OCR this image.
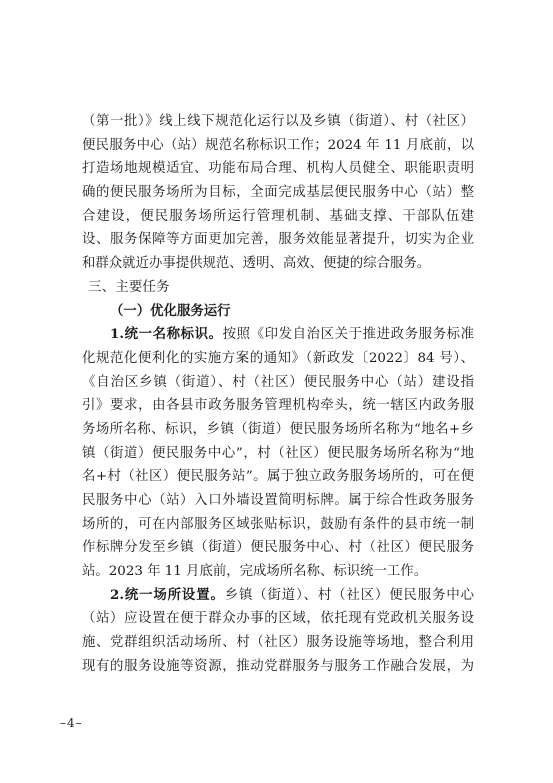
（第一批）》线上线下规范化运行以及乡镇（街道）、村（社区）
便民服务中心（站）规范名称标识工作；2024 年 11 月底前，以
打造场地规模适宜、功能布局合理、机构人员健全、职能职责明
确的便民服务场所为目标，全面完成基层便民服务中心（站）整
合建设，便民服务场所运行管理机制、基础支撑、干部队伍建
设、服务保障等方面更加完善，服务效能显著提升，切实为企业
和群众就近办事提供规范、透明、高效、便捷的综合服务。
三、主要任务
（一）优化服务运行
1.统一名称标识。按照《印发自治区关于推进政务服务标准
化规范化便利化的实施方案的通知》（新政发〔2022〕84 号）、
《自治区乡镇（街道）、村（社区）便民服务中心（站）建设指
引》要求，由各县市政务服务管理机构牵头，统一辖区内政务服
务场所名称、标识，乡镇（街道）便民服务场所名称为“地名+乡
镇（街道）便民服务中心”，村（社区）便民服务场所名称为“地
名+村（社区）便民服务站”。属于独立政务服务场所的，可在便
民服务中心（站）入口外墙设置简明标牌。属于综合性政务服务
场所的，可在内部服务区域张贴标识，鼓励有条件的县市统一制
作标牌分发至乡镇（街道）便民服务中心、村（社区）便民服务
站。2023 年 11 月底前，完成场所名称、标识统一工作。
2.统一场所设置。乡镇（街道）、村（社区）便民服务中心
（站）应设置在便于群众办事的区域，依托现有党政机关服务设
施、党群组织活动场所、村（社区）服务设施等场地，整合利用
现有的服务设施等资源，推动党群服务与服务工作融合发展，为
–4–
